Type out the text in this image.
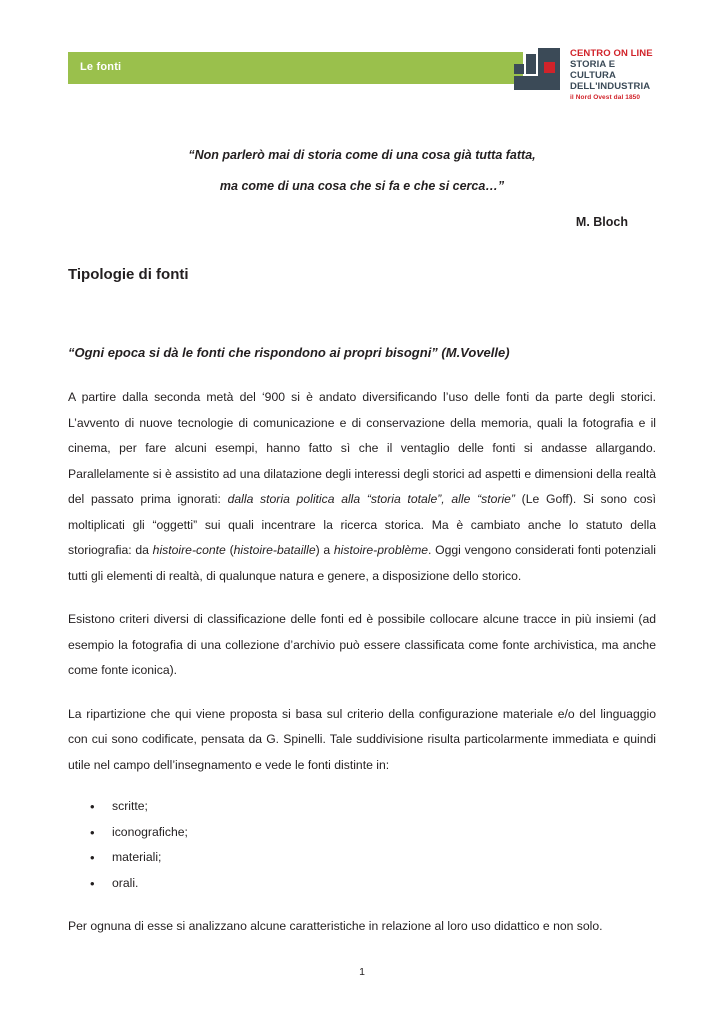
Le fonti
CENTRO ON LINE
STORIA E CULTURA
DELL'INDUSTRIA
il Nord Ovest dal 1850
“Non parlerò mai di storia come di una cosa già tutta fatta,
ma come di una cosa che si fa e che si cerca…”
M. Bloch
Tipologie di fonti
“Ogni epoca si dà le fonti che rispondono ai propri bisogni” (M.Vovelle)

A partire dalla seconda metà del ‘900 si è andato diversificando l’uso delle fonti da parte degli storici. L’avvento di nuove tecnologie di comunicazione e di conservazione della memoria, quali la fotografia e il cinema, per fare alcuni esempi, hanno fatto sì che il ventaglio delle fonti si andasse allargando. Parallelamente si è assistito ad una dilatazione degli interessi degli storici ad aspetti e dimensioni della realtà del passato prima ignorati: dalla storia politica alla “storia totale”, alle “storie” (Le Goff). Si sono così moltiplicati gli “oggetti” sui quali incentrare la ricerca storica. Ma è cambiato anche lo statuto della storiografia: da histoire-conte (histoire-bataille) a histoire-problème. Oggi vengono considerati fonti potenziali tutti gli elementi di realtà, di qualunque natura e genere, a disposizione dello storico.

Esistono criteri diversi di classificazione delle fonti ed è possibile collocare alcune tracce in più insiemi (ad esempio la fotografia di una collezione d’archivio può essere classificata come fonte archivistica, ma anche come fonte iconica).

La ripartizione che qui viene proposta si basa sul criterio della configurazione materiale e/o del linguaggio con cui sono codificate, pensata da G. Spinelli. Tale suddivisione risulta particolarmente immediata e quindi utile nel campo dell’insegnamento e vede le fonti distinte in:

• scritte;
• iconografiche;
• materiali;
• orali.

Per ognuna di esse si analizzano alcune caratteristiche in relazione al loro uso didattico e non solo.

1
